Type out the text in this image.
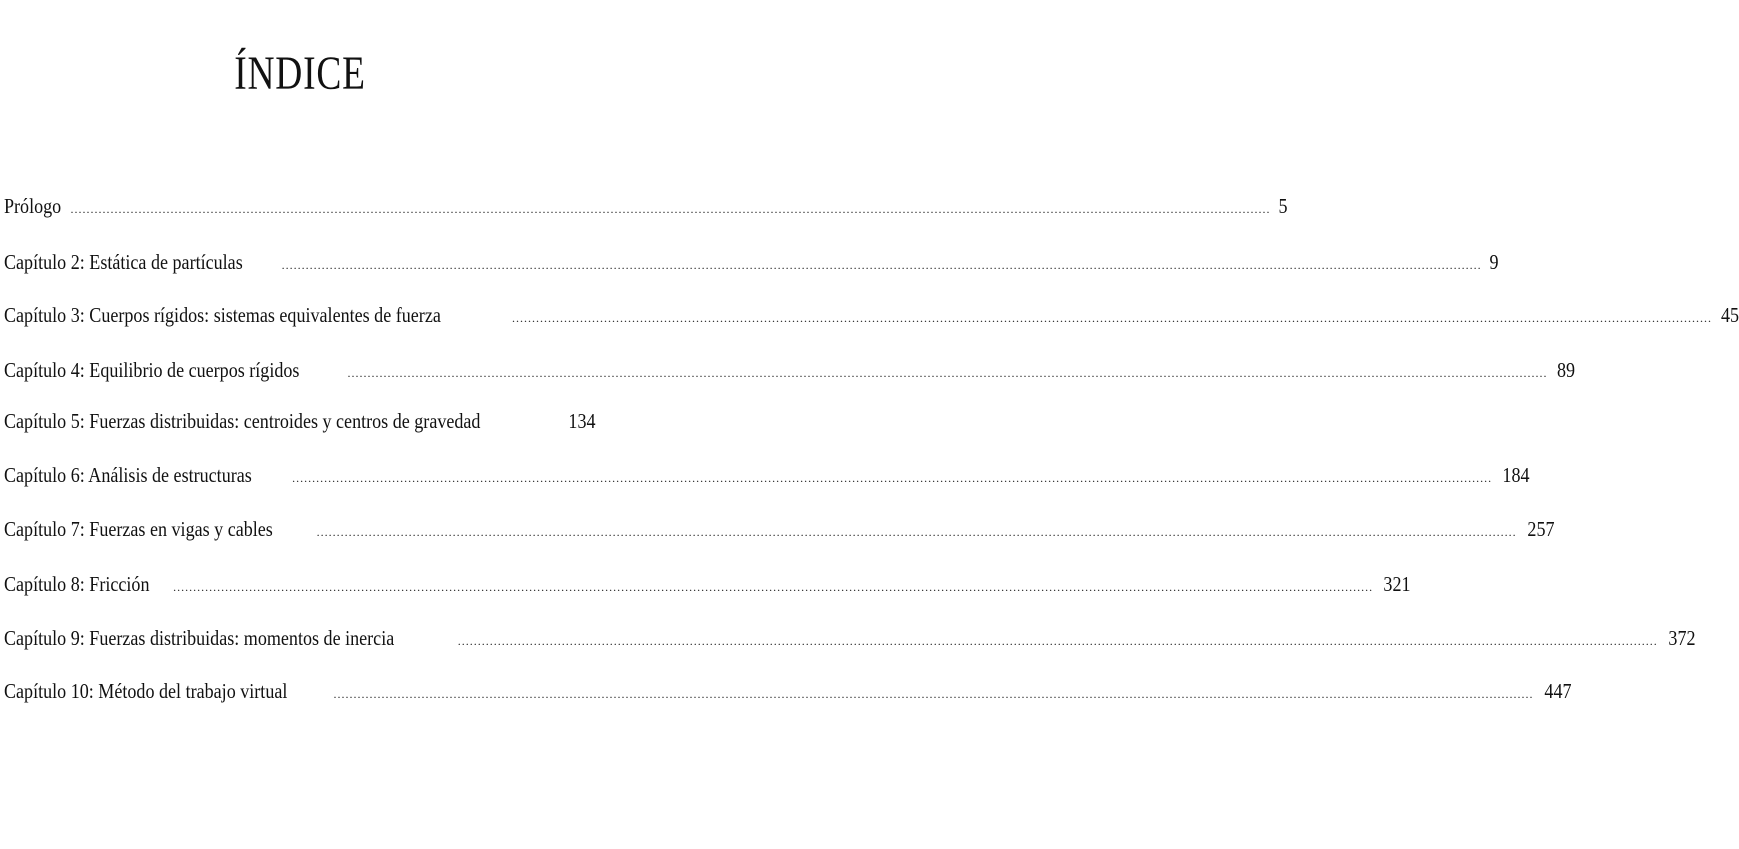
ÍNDICE
Prólogo ............................................................................................................................................................................................................................................................................................................ 5
Capítulo 2: Estática de partículas	............................................................................................................................................................................................................................................................................................................ 9
Capítulo 3: Cuerpos rígidos: sistemas equivalentes de fuerza	............................................................................................................................................................................................................................................................................................................ 45
Capítulo 4: Equilibrio de cuerpos rígidos	............................................................................................................................................................................................................................................................................................................ 89
Capítulo 5: Fuerzas distribuidas: centroides y centros de gravedad	134
Capítulo 6: Análisis de estructuras	............................................................................................................................................................................................................................................................................................................ 184
Capítulo 7: Fuerzas en vigas y cables	............................................................................................................................................................................................................................................................................................................ 257
Capítulo 8: Fricción ............................................................................................................................................................................................................................................................................................................ 321
Capítulo 9: Fuerzas distribuidas: momentos de inercia	............................................................................................................................................................................................................................................................................................................ 372
Capítulo 10: Método del trabajo virtual	............................................................................................................................................................................................................................................................................................................ 447
